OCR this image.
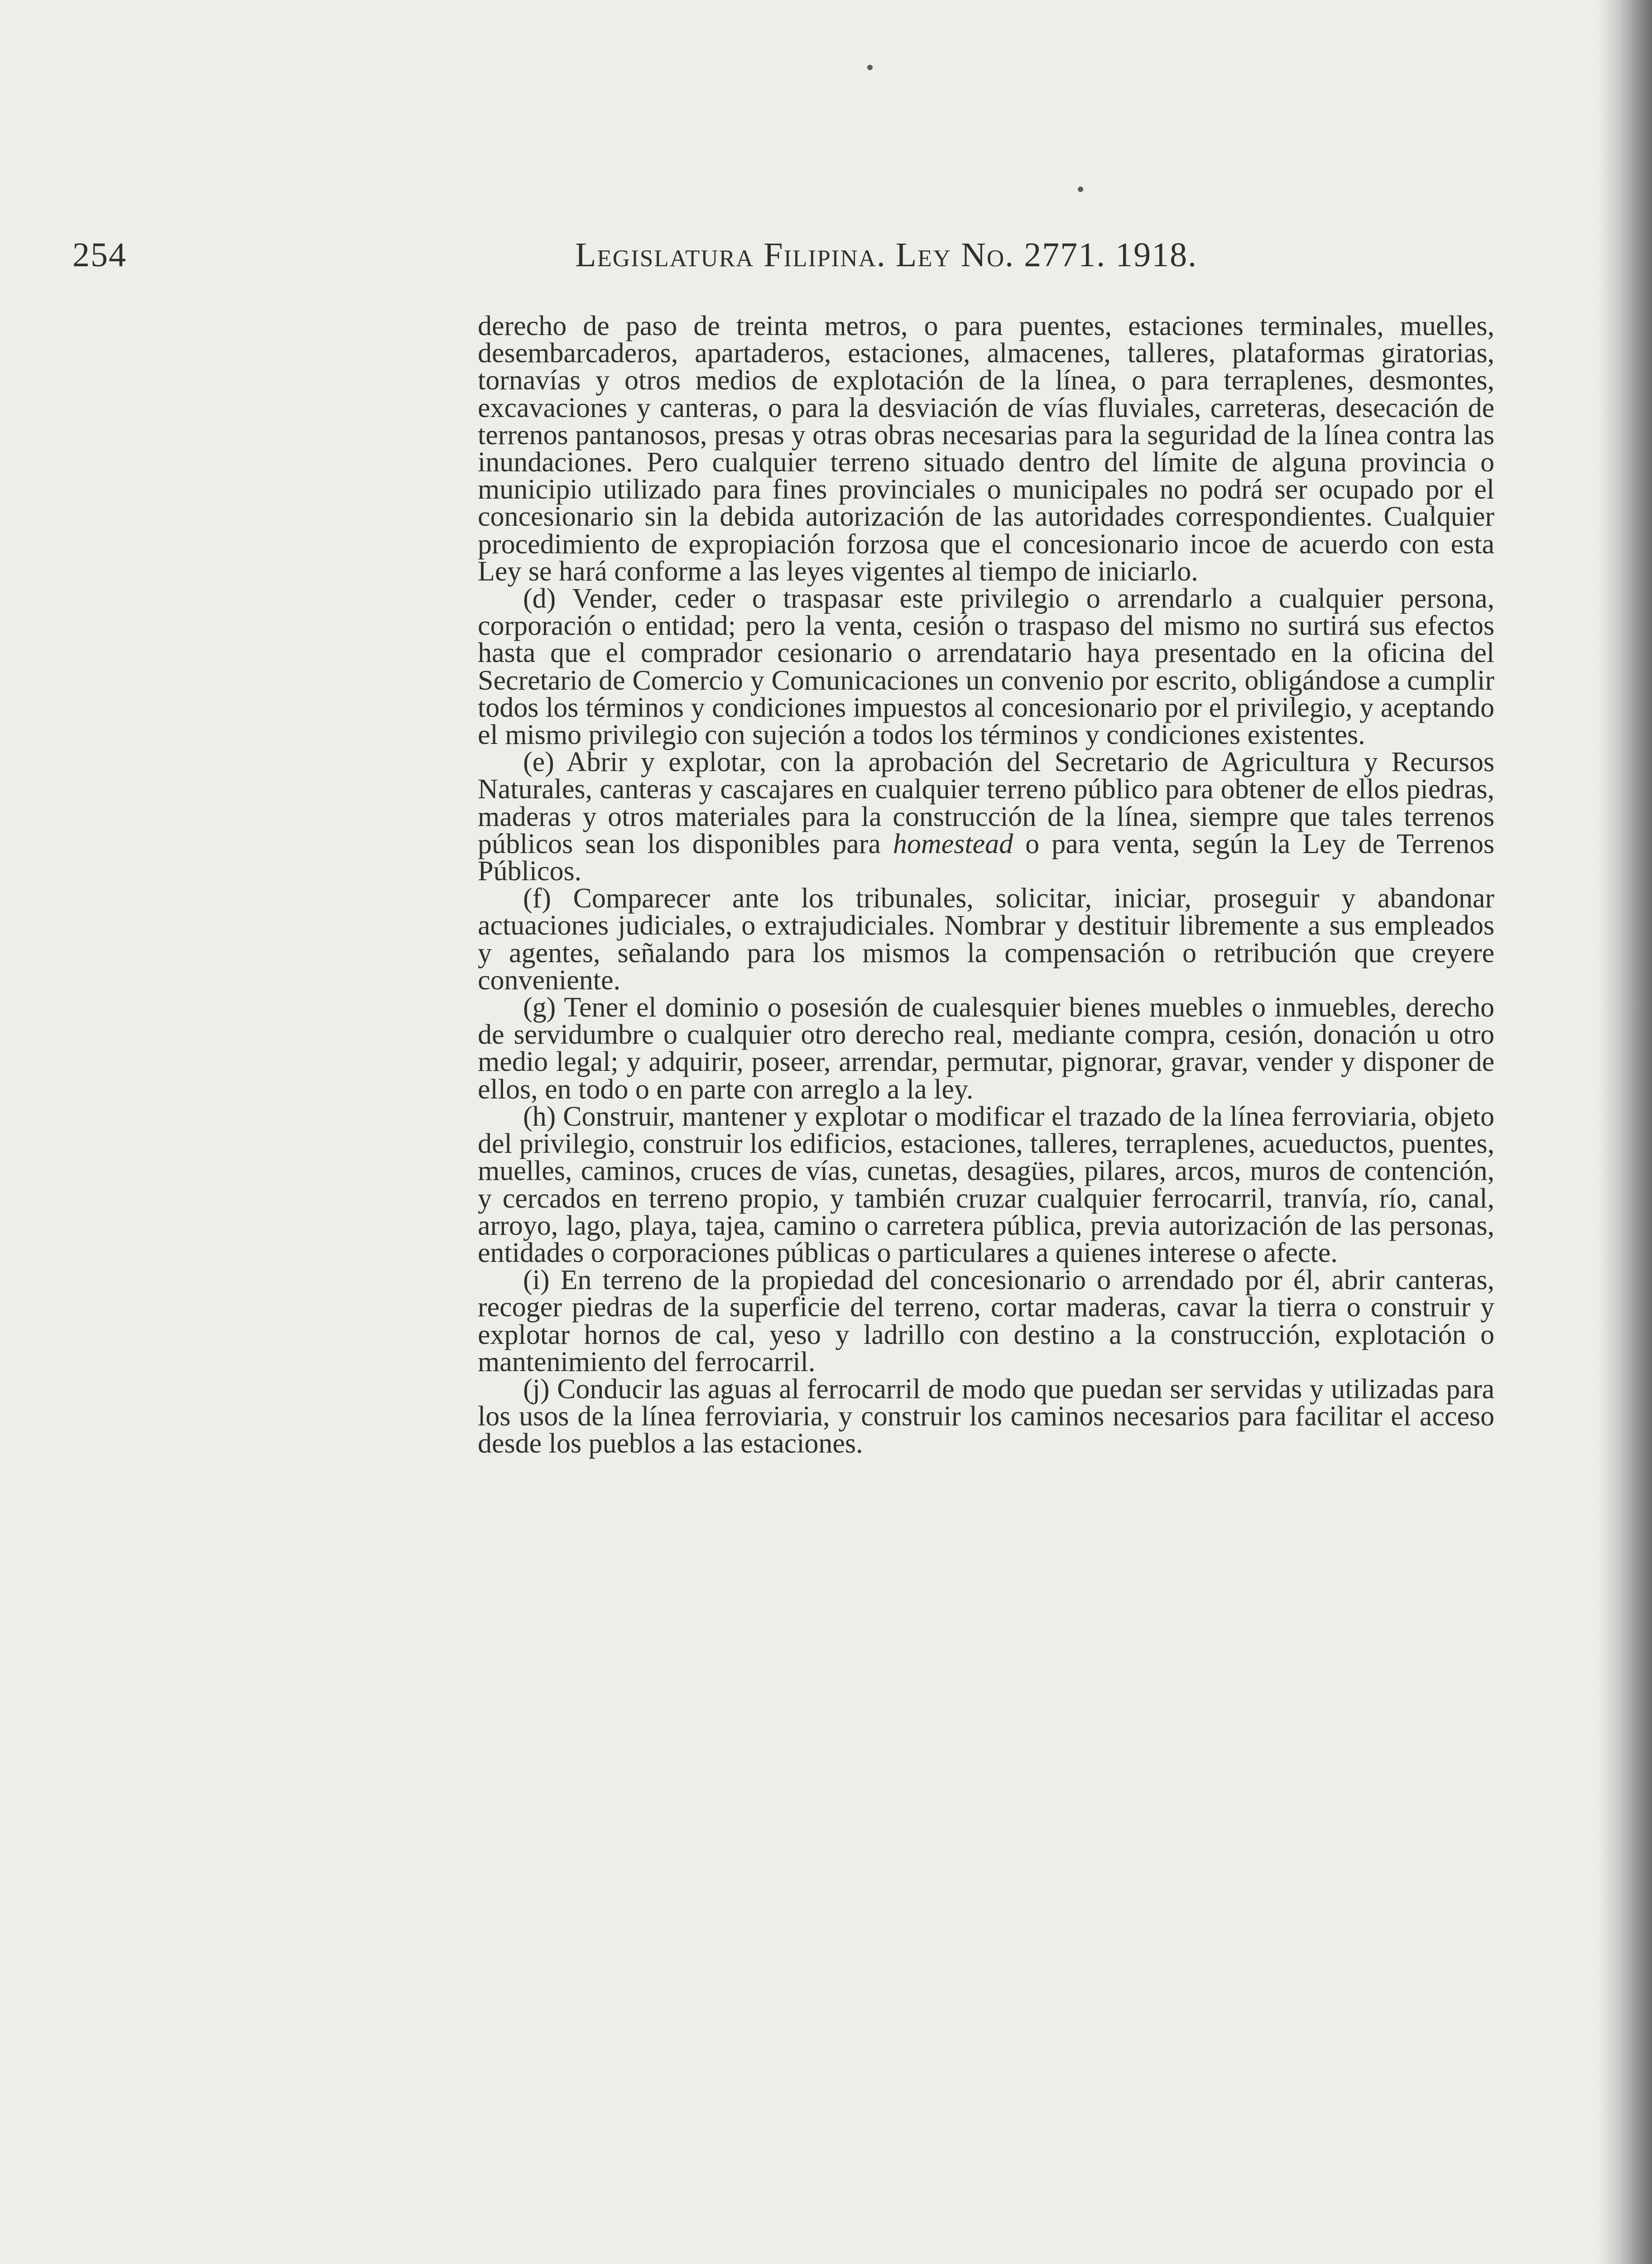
254	Legislatura Filipina. Ley No. 2771. 1918.

derecho de paso de treinta metros, o para puentes, estaciones terminales, muelles, desembarcaderos, apartaderos, estaciones, almacenes, talleres, plataformas giratorias, tornavías y otros medios de explotación de la línea, o para terraplenes, desmontes, excavaciones y canteras, o para la desviación de vías fluviales, carreteras, desecación de terrenos pantanosos, presas y otras obras necesarias para la seguridad de la línea contra las inundaciones. Pero cualquier terreno situado dentro del límite de alguna provincia o municipio utilizado para fines provinciales o municipales no podrá ser ocupado por el concesionario sin la debida autorización de las autoridades correspondientes. Cualquier procedimiento de expropiación forzosa que el concesionario incoe de acuerdo con esta Ley se hará conforme a las leyes vigentes al tiempo de iniciarlo.

(d) Vender, ceder o traspasar este privilegio o arrendarlo a cualquier persona, corporación o entidad; pero la venta, cesión o traspaso del mismo no surtirá sus efectos hasta que el comprador cesionario o arrendatario haya presentado en la oficina del Secretario de Comercio y Comunicaciones un convenio por escrito, obligándose a cumplir todos los términos y condiciones impuestos al concesionario por el privilegio, y aceptando el mismo privilegio con sujeción a todos los términos y condiciones existentes.

(e) Abrir y explotar, con la aprobación del Secretario de Agricultura y Recursos Naturales, canteras y cascajares en cualquier terreno público para obtener de ellos piedras, maderas y otros materiales para la construcción de la línea, siempre que tales terrenos públicos sean los disponibles para homestead o para venta, según la Ley de Terrenos Públicos.

(f) Comparecer ante los tribunales, solicitar, iniciar, proseguir y abandonar actuaciones judiciales, o extrajudiciales. Nombrar y destituir libremente a sus empleados y agentes, señalando para los mismos la compensación o retribución que creyere conveniente.

(g) Tener el dominio o posesión de cualesquier bienes muebles o inmuebles, derecho de servidumbre o cualquier otro derecho real, mediante compra, cesión, donación u otro medio legal; y adquirir, poseer, arrendar, permutar, pignorar, gravar, vender y disponer de ellos, en todo o en parte con arreglo a la ley.

(h) Construir, mantener y explotar o modificar el trazado de la línea ferroviaria, objeto del privilegio, construir los edificios, estaciones, talleres, terraplenes, acueductos, puentes, muelles, caminos, cruces de vías, cunetas, desagües, pilares, arcos, muros de contención, y cercados en terreno propio, y también cruzar cualquier ferrocarril, tranvía, río, canal, arroyo, lago, playa, tajea, camino o carretera pública, previa autorización de las personas, entidades o corporaciones públicas o particulares a quienes interese o afecte.

(i) En terreno de la propiedad del concesionario o arrendado por él, abrir canteras, recoger piedras de la superficie del terreno, cortar maderas, cavar la tierra o construir y explotar hornos de cal, yeso y ladrillo con destino a la construcción, explotación o mantenimiento del ferrocarril.

(j) Conducir las aguas al ferrocarril de modo que puedan ser servidas y utilizadas para los usos de la línea ferroviaria, y construir los caminos necesarios para facilitar el acceso desde los pueblos a las estaciones.
